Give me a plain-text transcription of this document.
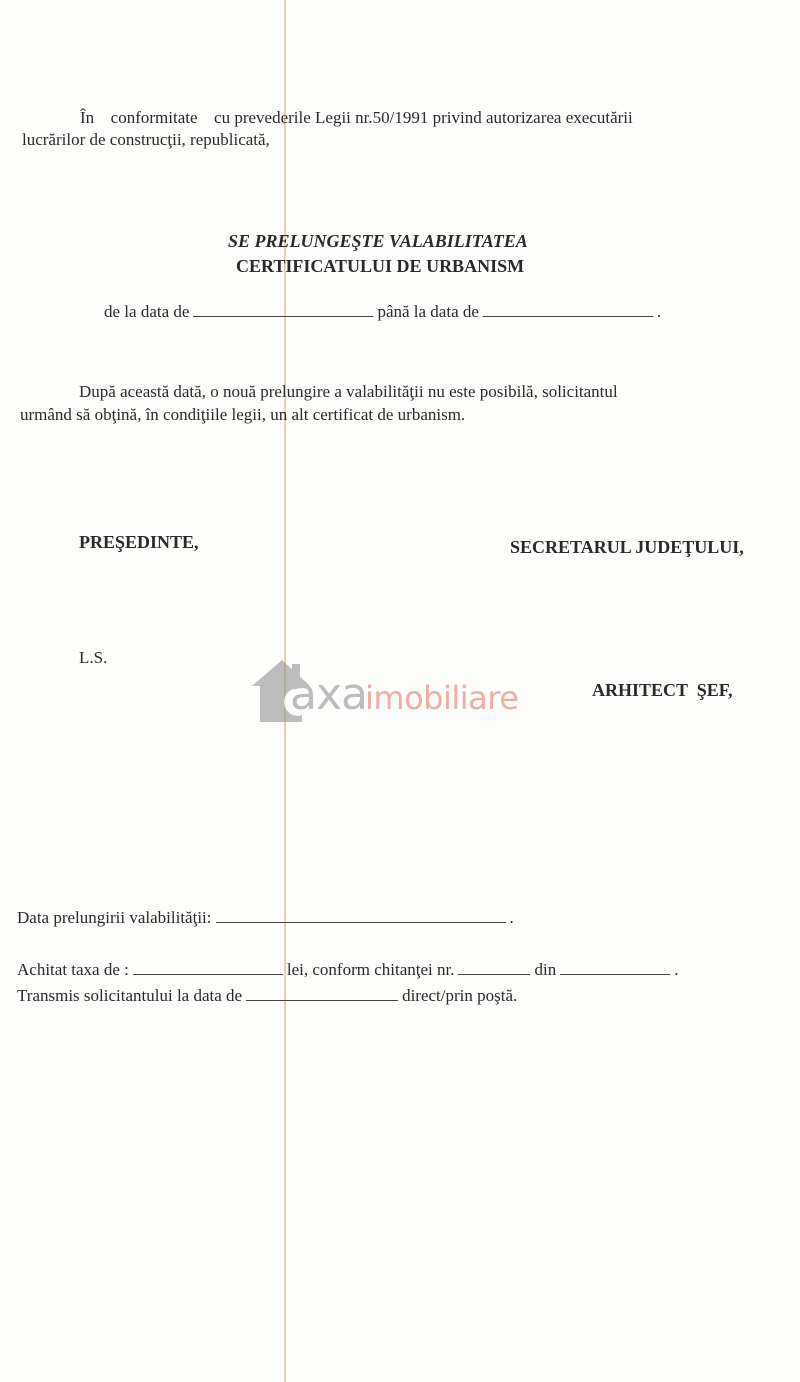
În conformitate cu prevederile Legii nr.50/1991 privind autorizarea executării
lucrărilor de construcţii, republicată,
SE PRELUNGEŞTE VALABILITATEA
CERTIFICATULUI DE URBANISM
de la data de	până la data de	.
După această dată, o nouă prelungire a valabilităţii nu este posibilă, solicitantul
urmând să obţină, în condiţiile legii, un alt certificat de urbanism.
PREŞEDINTE,	SECRETARUL JUDEŢULUI,
L.S.
ARHITECT  ŞEF,
axa
imobiliare
Data prelungirii valabilităţii:	.
Achitat taxa de :	lei, conform chitanţei nr.	din	.
Transmis solicitantului la data de	direct/prin poştă.
